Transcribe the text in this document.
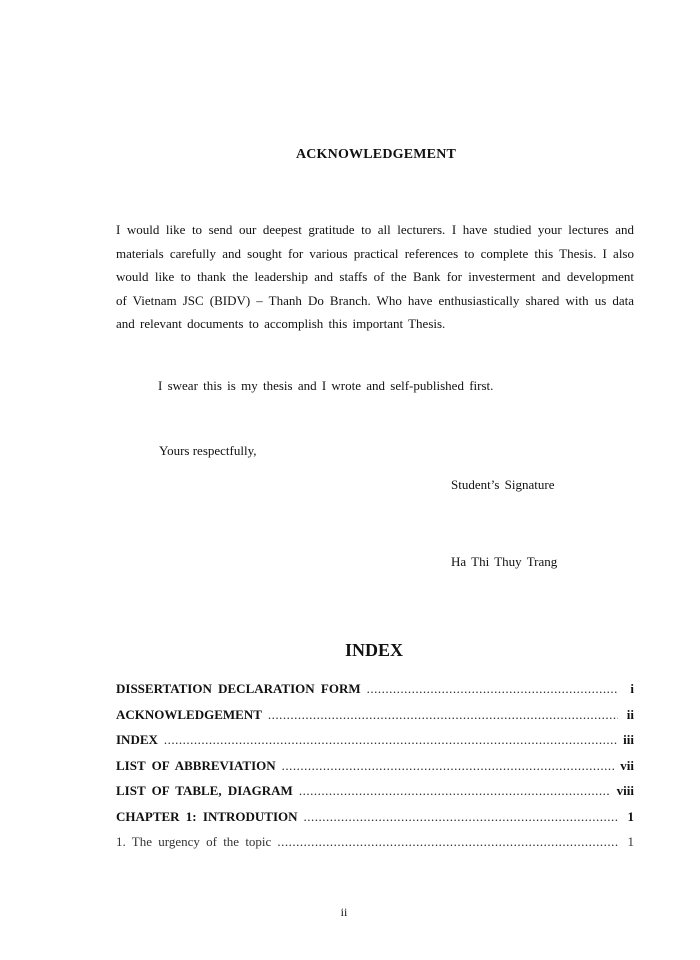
ACKNOWLEDGEMENT
I would like to send our deepest gratitude to all lecturers. I have studied your lectures and materials carefully and sought for various practical references to complete this Thesis. I also would like to thank the leadership and staffs of the Bank for investerment and development of Vietnam JSC (BIDV) – Thanh Do Branch. Who have enthusiastically shared with us data and relevant documents to accomplish this important Thesis.
I swear this is my thesis and I wrote and self-published first.
Yours respectfully,
Student’s Signature
Ha Thi Thuy Trang
INDEX
DISSERTATION DECLARATION FORM .....	i
ACKNOWLEDGEMENT .....	ii
INDEX .....	iii
LIST OF ABBREVIATION .....	vii
LIST OF TABLE, DIAGRAM .....	viii
CHAPTER 1: INTRODUTION .....	1
1. The urgency of the topic .....	1
ii
